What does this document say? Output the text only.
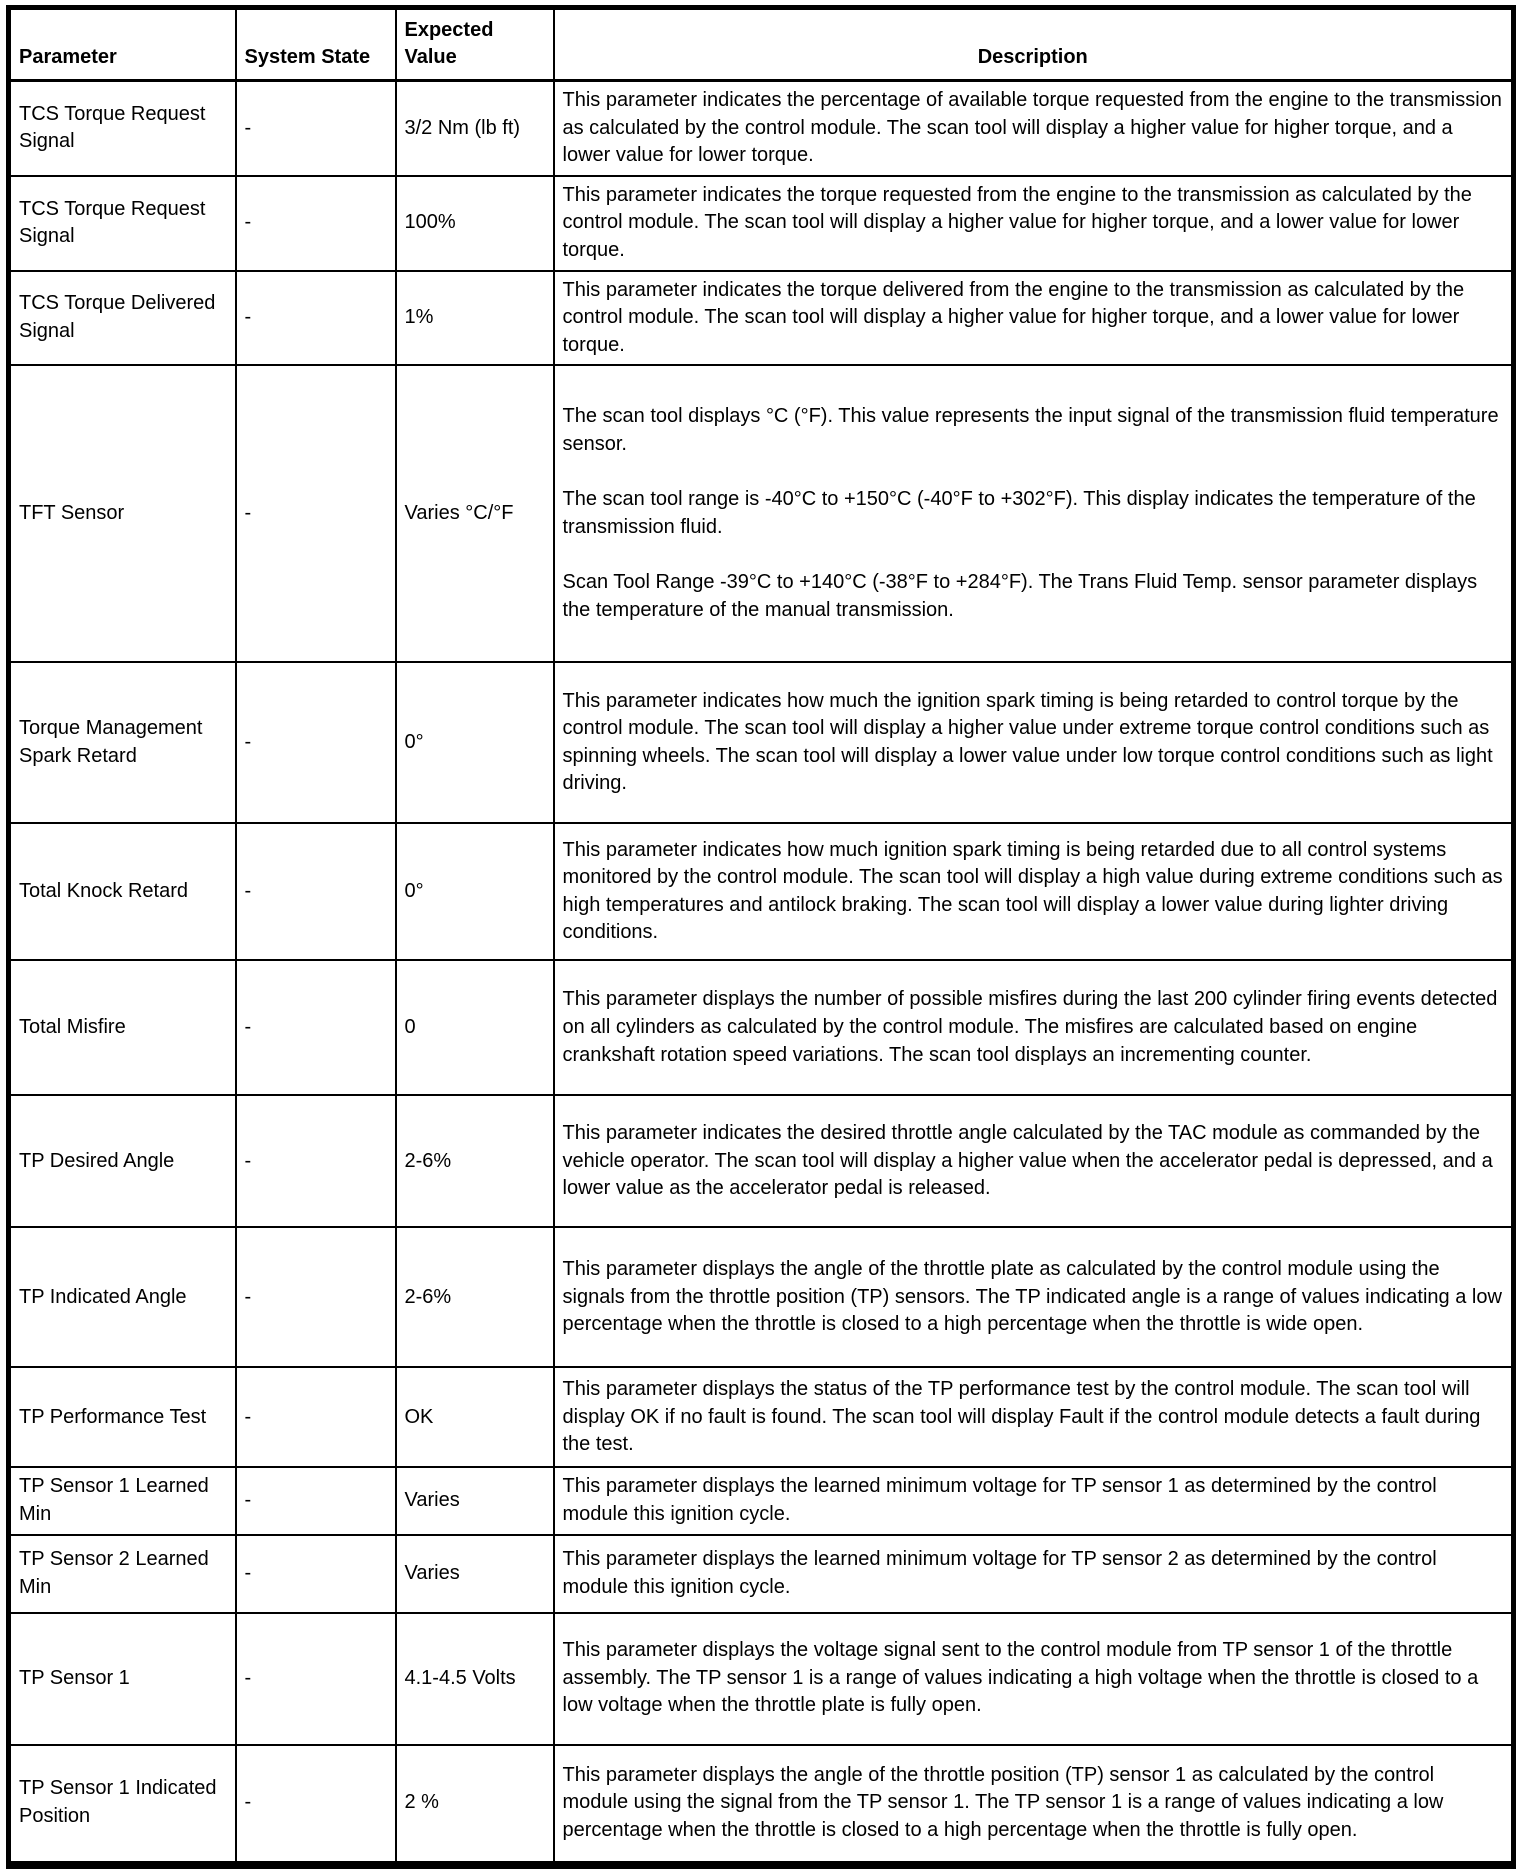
Parameter	System State	Expected Value	Description
TCS Torque Request Signal	-	3/2 Nm (lb ft)	This parameter indicates the percentage of available torque requested from the engine to the transmission as calculated by the control module. The scan tool will display a higher value for higher torque, and a lower value for lower torque.

TCS Torque Request Signal	-	100%	This parameter indicates the torque requested from the engine to the transmission as calculated by the control module. The scan tool will display a higher value for higher torque, and a lower value for lower torque.

TCS Torque Delivered Signal	-	1%	This parameter indicates the torque delivered from the engine to the transmission as calculated by the control module. The scan tool will display a higher value for higher torque, and a lower value for lower torque.

TFT Sensor	-	Varies °C/°F	The scan tool displays °C (°F). This value represents the input signal of the transmission fluid temperature sensor.
The scan tool range is -40°C to +150°C (-40°F to +302°F). This display indicates the temperature of the transmission fluid.
Scan Tool Range -39°C to +140°C (-38°F to +284°F). The Trans Fluid Temp. sensor parameter displays the temperature of the manual transmission.

Torque Management Spark Retard	-	0°	This parameter indicates how much the ignition spark timing is being retarded to control torque by the control module. The scan tool will display a higher value under extreme torque control conditions such as spinning wheels. The scan tool will display a lower value under low torque control conditions such as light driving.

Total Knock Retard	-	0°	This parameter indicates how much ignition spark timing is being retarded due to all control systems monitored by the control module. The scan tool will display a high value during extreme conditions such as high temperatures and antilock braking. The scan tool will display a lower value during lighter driving conditions.

Total Misfire	-	0	This parameter displays the number of possible misfires during the last 200 cylinder firing events detected on all cylinders as calculated by the control module. The misfires are calculated based on engine crankshaft rotation speed variations. The scan tool displays an incrementing counter.

TP Desired Angle	-	2-6%	This parameter indicates the desired throttle angle calculated by the TAC module as commanded by the vehicle operator. The scan tool will display a higher value when the accelerator pedal is depressed, and a lower value as the accelerator pedal is released.

TP Indicated Angle	-	2-6%	This parameter displays the angle of the throttle plate as calculated by the control module using the signals from the throttle position (TP) sensors. The TP indicated angle is a range of values indicating a low percentage when the throttle is closed to a high percentage when the throttle is wide open.

TP Performance Test	-	OK	This parameter displays the status of the TP performance test by the control module. The scan tool will display OK if no fault is found. The scan tool will display Fault if the control module detects a fault during the test.

TP Sensor 1 Learned Min	-	Varies	This parameter displays the learned minimum voltage for TP sensor 1 as determined by the control module this ignition cycle.

TP Sensor 2 Learned Min	-	Varies	This parameter displays the learned minimum voltage for TP sensor 2 as determined by the control module this ignition cycle.

TP Sensor 1	-	4.1-4.5 Volts	This parameter displays the voltage signal sent to the control module from TP sensor 1 of the throttle assembly. The TP sensor 1 is a range of values indicating a high voltage when the throttle is closed to a low voltage when the throttle plate is fully open.

TP Sensor 1 Indicated Position	-	2 %	This parameter displays the angle of the throttle position (TP) sensor 1 as calculated by the control module using the signal from the TP sensor 1. The TP sensor 1 is a range of values indicating a low percentage when the throttle is closed to a high percentage when the throttle is fully open.
